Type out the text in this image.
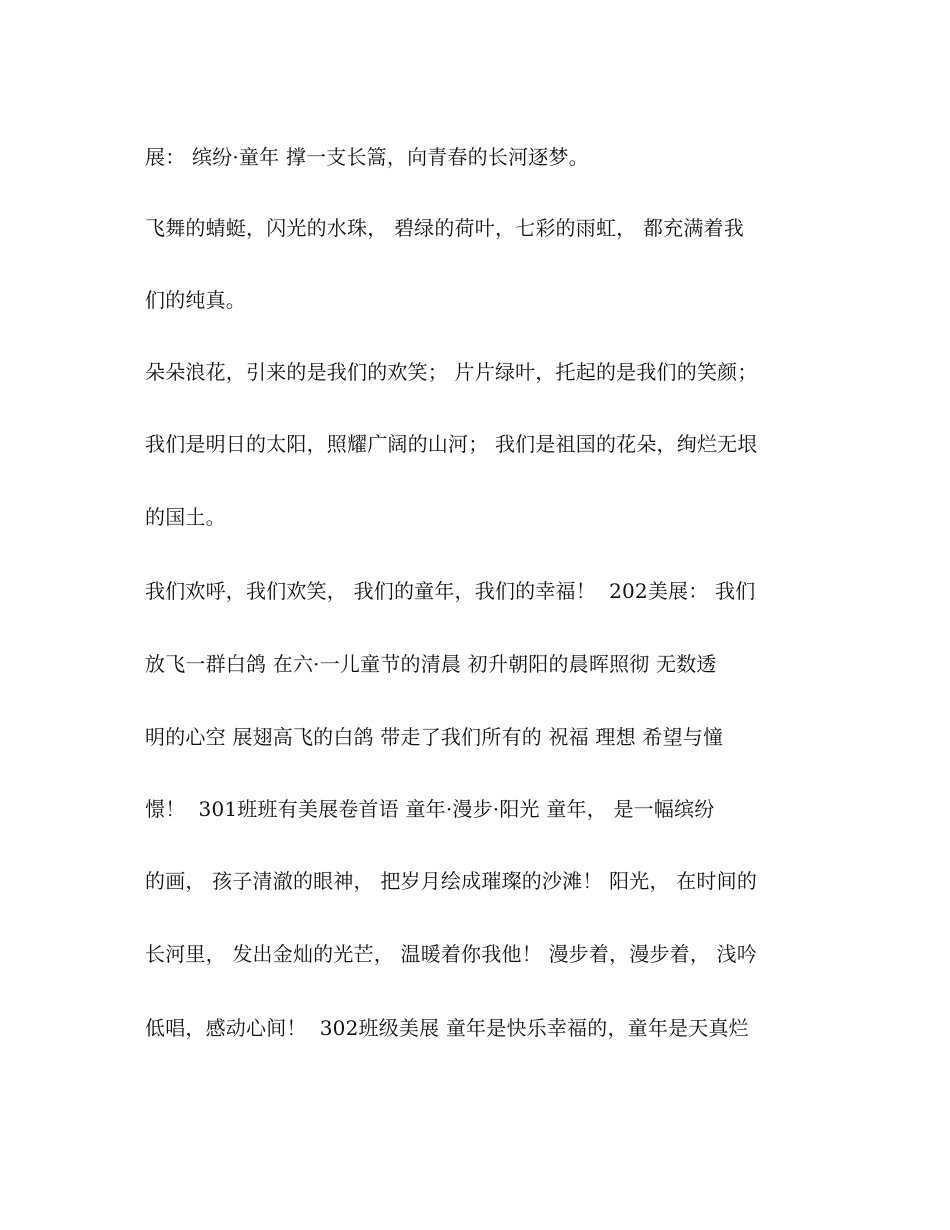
展： 缤纷·童年 撑一支长篙，向青春的长河逐梦。
飞舞的蜻蜓，闪光的水珠， 碧绿的荷叶，七彩的雨虹， 都充满着我
们的纯真。
朵朵浪花，引来的是我们的欢笑； 片片绿叶，托起的是我们的笑颜；
我们是明日的太阳，照耀广阔的山河； 我们是祖国的花朵，绚烂无垠
的国土。
我们欢呼，我们欢笑， 我们的童年，我们的幸福！  202美展： 我们
放飞一群白鸽 在六·一儿童节的清晨 初升朝阳的晨晖照彻 无数透
明的心空 展翅高飞的白鸽 带走了我们所有的 祝福 理想 希望与憧
憬！  301班班有美展卷首语 童年·漫步·阳光 童年， 是一幅缤纷
的画， 孩子清澈的眼神， 把岁月绘成璀璨的沙滩！ 阳光， 在时间的
长河里， 发出金灿的光芒， 温暖着你我他！ 漫步着，漫步着， 浅吟
低唱，感动心间！  302班级美展 童年是快乐幸福的，童年是天真烂
